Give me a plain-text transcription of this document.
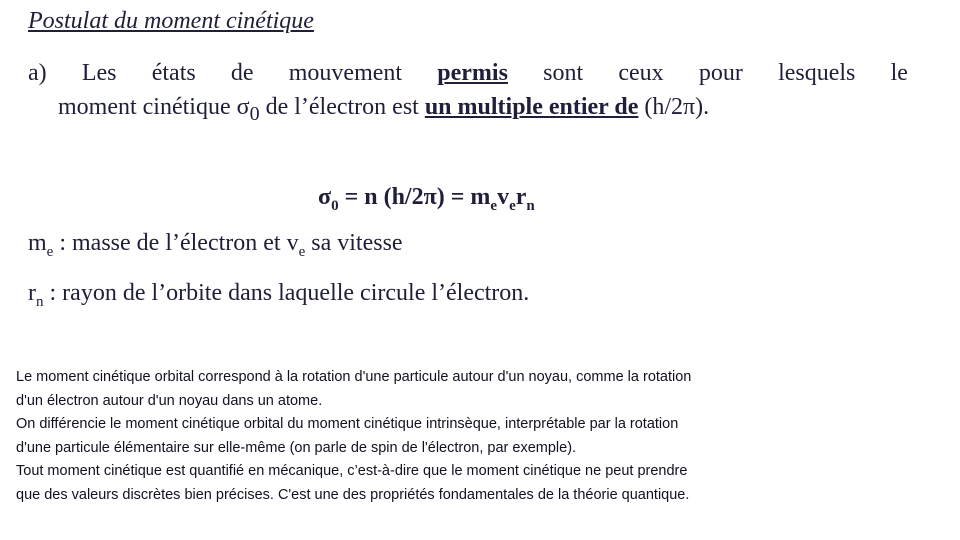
Postulat du moment cinétique
a) Les états de mouvement permis sont ceux pour lesquels le
moment cinétique $\sigma_0$ de l’électron est un multiple entier de (h/2π).
$\sigma_0 = n$ $(h/2\pi) = m_ev_er_n$
$m_e$ : masse de l’électron et $v_e$ sa vitesse
$r_n$ : rayon de l’orbite dans laquelle circule l’électron.
Le moment cinétique orbital correspond à la rotation d'une particule autour d'un noyau, comme la rotation
d'un électron autour d'un noyau dans un atome.
On différencie le moment cinétique orbital du moment cinétique intrinsèque, interprétable par la rotation
d'une particule élémentaire sur elle-même (on parle de spin de l'électron, par exemple).
Tout moment cinétique est quantifié en mécanique, c’est-à-dire que le moment cinétique ne peut prendre
que des valeurs discrètes bien précises. C'est une des propriétés fondamentales de la théorie quantique.
